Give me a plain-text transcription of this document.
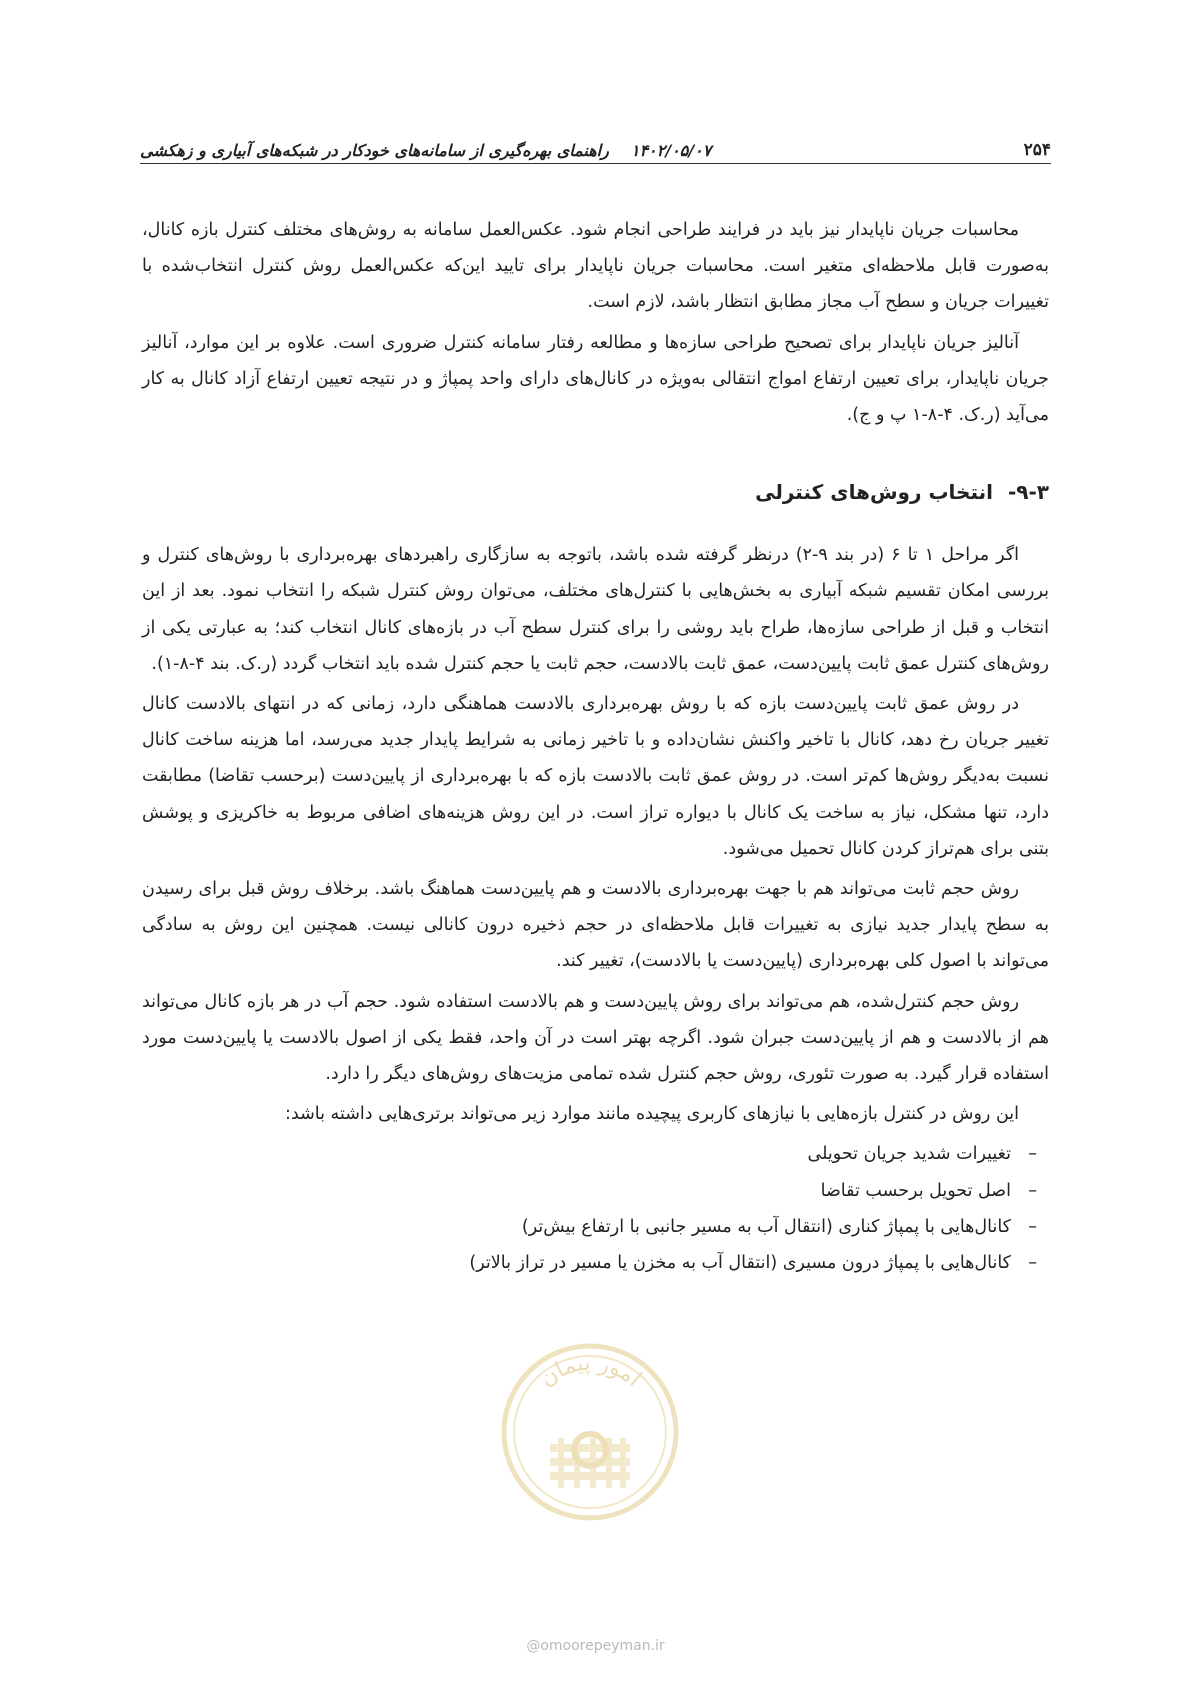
۲۵۴
۱۴۰۲/۰۵/۰۷
راهنمای بهره‌گیری از سامانه‌های خودکار در شبکه‌های آبیاری و زهکشی

محاسبات جریان ناپایدار نیز باید در فرایند طراحی انجام شود. عکس‌العمل سامانه به روش‌های مختلف کنترل بازه کانال، به‌صورت قابل ملاحظه‌ای متغیر است. محاسبات جریان ناپایدار برای تایید این‌که عکس‌العمل روش کنترل انتخاب‌شده با تغییرات جریان و سطح آب مجاز مطابق انتظار باشد، لازم است.

آنالیز جریان ناپایدار برای تصحیح طراحی سازه‌ها و مطالعه رفتار سامانه کنترل ضروری است. علاوه بر این موارد، آنالیز جریان ناپایدار، برای تعیین ارتفاع امواج انتقالی به‌ویژه در کانال‌های دارای واحد پمپاژ و در نتیجه تعیین ارتفاع آزاد کانال به کار می‌آید (ر.ک. ۴-۸-۱ پ و ج).

۹-۳- انتخاب روش‌های کنترلی

اگر مراحل ۱ تا ۶ (در بند ۹-۲) درنظر گرفته شده باشد، باتوجه به سازگاری راهبردهای بهره‌برداری با روش‌های کنترل و بررسی امکان تقسیم شبکه آبیاری به بخش‌هایی با کنترل‌های مختلف، می‌توان روش کنترل شبکه را انتخاب نمود. بعد از این انتخاب و قبل از طراحی سازه‌ها، طراح باید روشی را برای کنترل سطح آب در بازه‌های کانال انتخاب کند؛ به عبارتی یکی از روش‌های کنترل عمق ثابت پایین‌دست، عمق ثابت بالادست، حجم ثابت یا حجم کنترل شده باید انتخاب گردد (ر.ک. بند ۴-۸-۱).

در روش عمق ثابت پایین‌دست بازه که با روش بهره‌برداری بالادست هماهنگی دارد، زمانی که در انتهای بالادست کانال تغییر جریان رخ دهد، کانال با تاخیر واکنش نشان‌داده و با تاخیر زمانی به شرایط پایدار جدید می‌رسد، اما هزینه ساخت کانال نسبت به‌دیگر روش‌ها کم‌تر است. در روش عمق ثابت بالادست بازه که با بهره‌برداری از پایین‌دست (برحسب تقاضا) مطابقت دارد، تنها مشکل، نیاز به ساخت یک کانال با دیواره تراز است. در این روش هزینه‌های اضافی مربوط به خاکریزی و پوشش بتنی برای هم‌تراز کردن کانال تحمیل می‌شود.

روش حجم ثابت می‌تواند هم با جهت بهره‌برداری بالادست و هم پایین‌دست هماهنگ باشد. برخلاف روش قبل برای رسیدن به سطح پایدار جدید نیازی به تغییرات قابل ملاحظه‌ای در حجم ذخیره درون کانالی نیست. همچنین این روش به سادگی می‌تواند با اصول کلی بهره‌برداری (پایین‌دست یا بالادست)، تغییر کند.

روش حجم کنترل‌شده، هم می‌تواند برای روش پایین‌دست و هم بالادست استفاده شود. حجم آب در هر بازه کانال می‌تواند هم از بالادست و هم از پایین‌دست جبران شود. اگرچه بهتر است در آن واحد، فقط یکی از اصول بالادست یا پایین‌دست مورد استفاده قرار گیرد. به صورت تئوری، روش حجم کنترل شده تمامی مزیت‌های روش‌های دیگر را دارد.

این روش در کنترل بازه‌هایی با نیازهای کاربری پیچیده مانند موارد زیر می‌تواند برتری‌هایی داشته باشد:

–
تغییرات شدید جریان تحویلی
–
اصل تحویل برحسب تقاضا
–
کانال‌هایی با پمپاژ کناری (انتقال آب به مسیر جانبی با ارتفاع بیش‌تر)
–
کانال‌هایی با پمپاژ درون مسیری (انتقال آب به مخزن یا مسیر در تراز بالاتر)
امور پیمان
@omoorepeyman.ir
